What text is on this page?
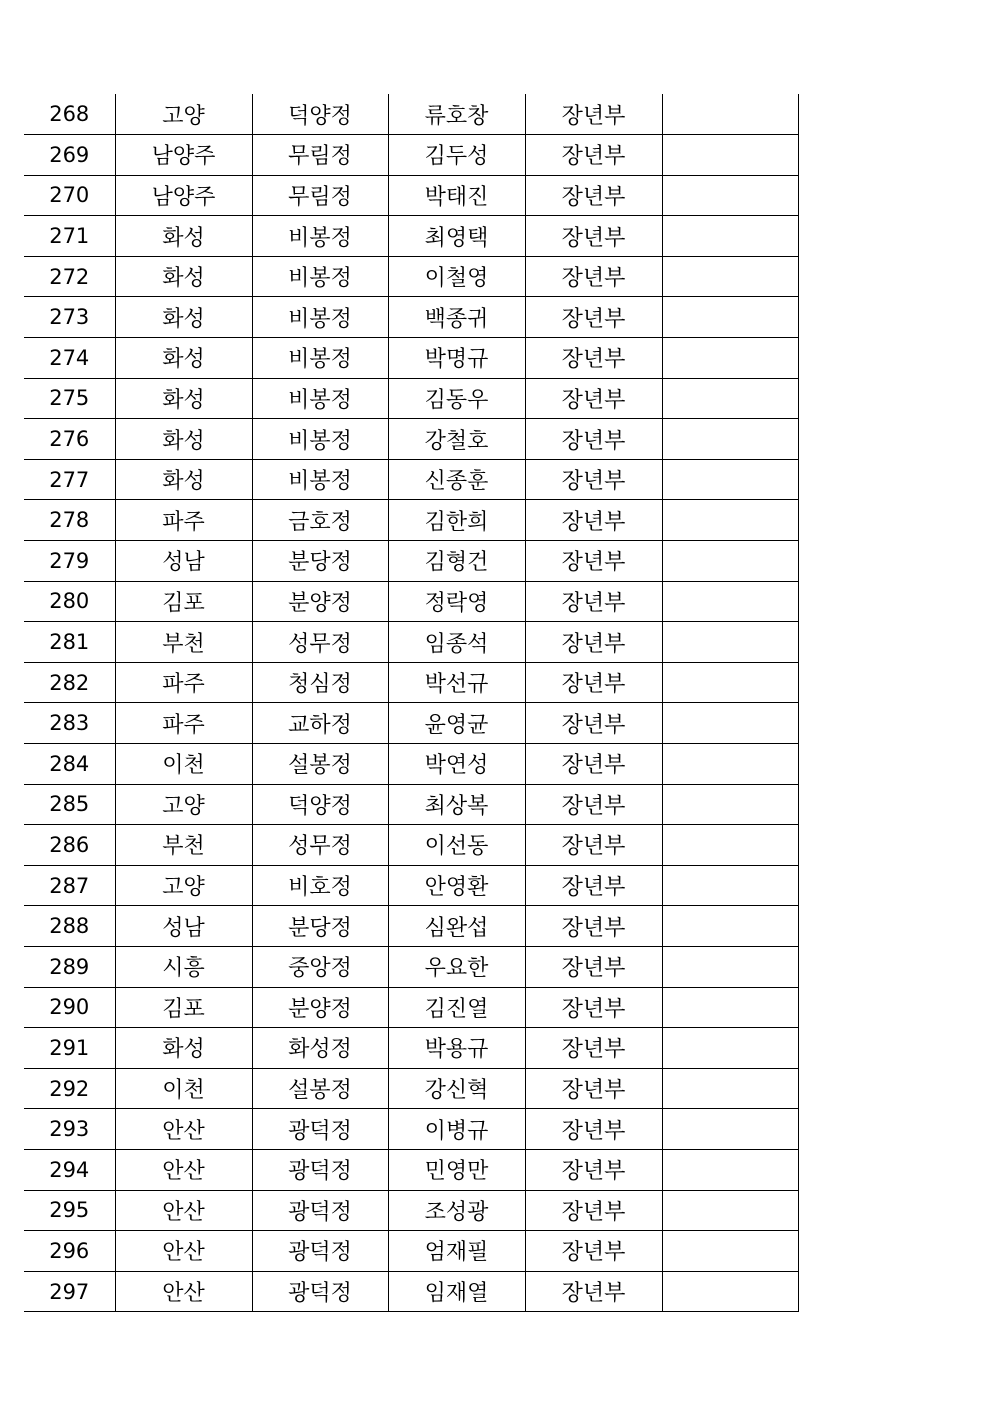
268	고양	덕양정	류호창	장년부	
269	남양주	무림정	김두성	장년부	
270	남양주	무림정	박태진	장년부	
271	화성	비봉정	최영택	장년부	
272	화성	비봉정	이철영	장년부	
273	화성	비봉정	백종귀	장년부	
274	화성	비봉정	박명규	장년부	
275	화성	비봉정	김동우	장년부	
276	화성	비봉정	강철호	장년부	
277	화성	비봉정	신종훈	장년부	
278	파주	금호정	김한희	장년부	
279	성남	분당정	김형건	장년부	
280	김포	분양정	정락영	장년부	
281	부천	성무정	임종석	장년부	
282	파주	청심정	박선규	장년부	
283	파주	교하정	윤영균	장년부	
284	이천	설봉정	박연성	장년부	
285	고양	덕양정	최상복	장년부	
286	부천	성무정	이선동	장년부	
287	고양	비호정	안영환	장년부	
288	성남	분당정	심완섭	장년부	
289	시흥	중앙정	우요한	장년부	
290	김포	분양정	김진열	장년부	
291	화성	화성정	박용규	장년부	
292	이천	설봉정	강신혁	장년부	
293	안산	광덕정	이병규	장년부	
294	안산	광덕정	민영만	장년부	
295	안산	광덕정	조성광	장년부	
296	안산	광덕정	엄재필	장년부	
297	안산	광덕정	임재열	장년부	
